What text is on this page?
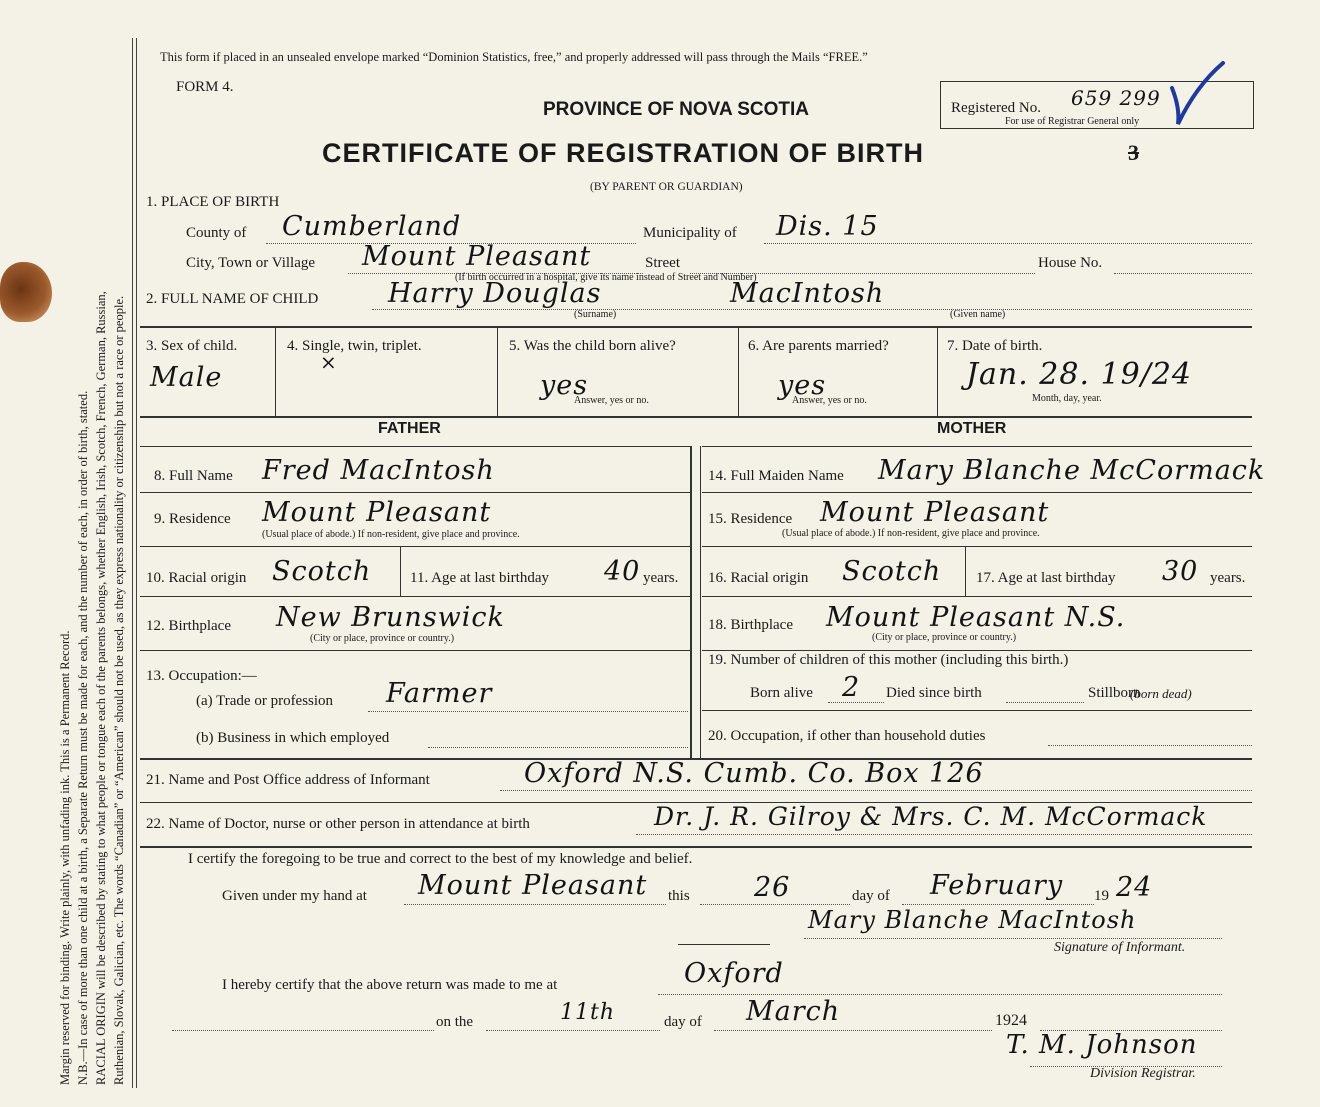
Margin reserved for binding. Write plainly, with unfading ink. This is a Permanent Record. N.B.—In case of more than one child at a birth, a Separate Return must be made for each, and the number of each, in order of birth, stated. RACIAL ORIGIN will be described by stating to what people or tongue each of the parents belongs, whether English, Irish, Scotch, French, German, Russian, Ruthenian, Slovak, Galician, etc. The words “Canadian” or “American” should not be used, as they express nationality or citizenship but not a race or people.
This form if placed in an unsealed envelope marked “Dominion Statistics, free,” and properly addressed will pass through the Mails “FREE.”
FORM 4.
PROVINCE OF NOVA SCOTIA
CERTIFICATE OF REGISTRATION OF BIRTH
(BY PARENT OR GUARDIAN)
Registered No. 659 299
For use of Registrar General only
3
1. PLACE OF BIRTH
County of Cumberland	Municipality of Dis. 15
City, Town or Village Mount Pleasant	Street	House No.
(If birth occurred in a hospital, give its name instead of Street and Number)
2. FULL NAME OF CHILD	Harry Douglas	MacIntosh
(Surname)	(Given name)
3. Sex of child.
Male
4. Single, twin, triplet.
×
5. Was the child born alive?
yes
Answer, yes or no.
6. Are parents married?
yes
Answer, yes or no.
7. Date of birth.
Jan. 28. 19/24
Month, day, year.
FATHER	MOTHER
8. Full Name Fred MacIntosh	14. Full Maiden Name Mary Blanche McCormack
9. Residence Mount Pleasant
(Usual place of abode.) If non-resident, give place and province.
15. Residence Mount Pleasant
(Usual place of abode.) If non-resident, give place and province.
10. Racial origin Scotch	11. Age at last birthday 40 years. 16. Racial origin Scotch 17. Age at last birthday 30 years.
12. Birthplace New Brunswick
(City or place, province or country.)
18. Birthplace Mount Pleasant N.S.
(City or place, province or country.)
13. Occupation:—
(a) Trade or profession Farmer
19. Number of children of this mother (including this birth.)
Born alive 2 Died since birth	Stillborn
(born dead)
(b) Business in which employed	20. Occupation, if other than household duties
21. Name and Post Office address of Informant	Oxford N.S. Cumb. Co. Box 126
22. Name of Doctor, nurse or other person in attendance at birth	Dr. J. R. Gilroy & Mrs. C. M. McCormack
I certify the foregoing to be true and correct to the best of my knowledge and belief.
Given under my hand at Mount Pleasant this 26	day of February 19 24
Mary Blanche MacIntosh
Signature of Informant.
I hereby certify that the above return was made to me at	Oxford
on the	11th	day of March	1924
T. M. Johnson
Division Registrar.
